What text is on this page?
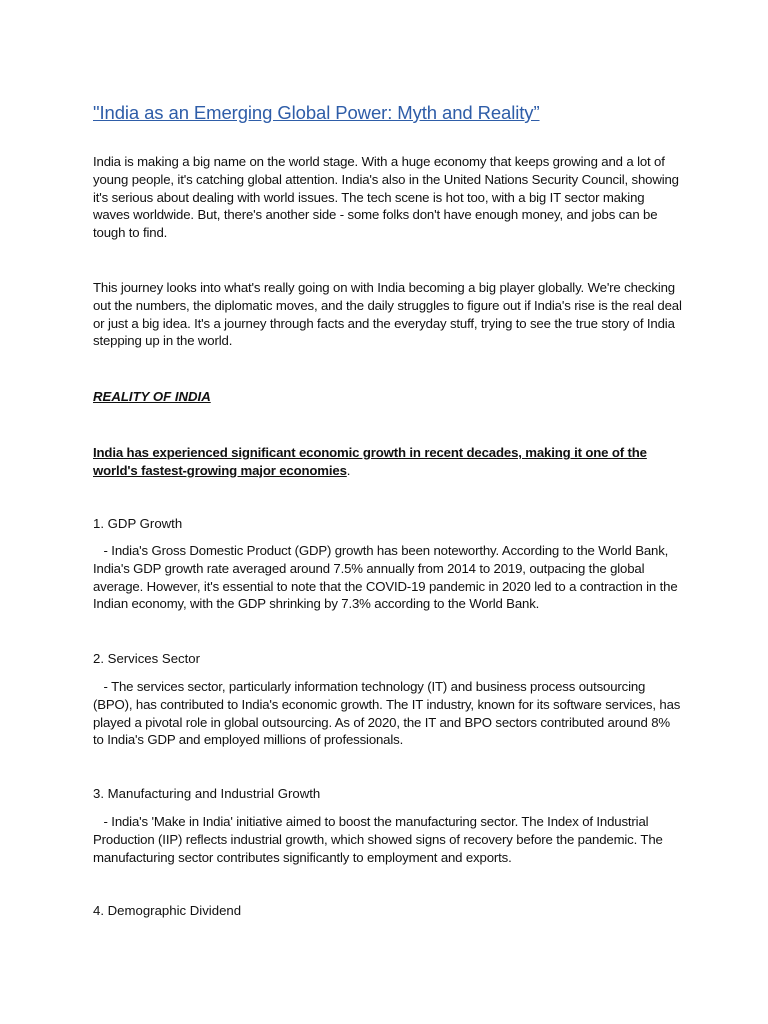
"India as an Emerging Global Power: Myth and Reality”

India is making a big name on the world stage. With a huge economy that keeps growing and a lot of young people, it's catching global attention. India's also in the United Nations Security Council, showing it's serious about dealing with world issues. The tech scene is hot too, with a big IT sector making waves worldwide. But, there's another side - some folks don't have enough money, and jobs can be tough to find.

This journey looks into what's really going on with India becoming a big player globally. We're checking out the numbers, the diplomatic moves, and the daily struggles to figure out if India's rise is the real deal or just a big idea. It's a journey through facts and the everyday stuff, trying to see the true story of India stepping up in the world.

REALITY OF INDIA

India has experienced significant economic growth in recent decades, making it one of the world's fastest-growing major economies.

1. GDP Growth

- India's Gross Domestic Product (GDP) growth has been noteworthy. According to the World Bank, India's GDP growth rate averaged around 7.5% annually from 2014 to 2019, outpacing the global average. However, it's essential to note that the COVID-19 pandemic in 2020 led to a contraction in the Indian economy, with the GDP shrinking by 7.3% according to the World Bank.

2. Services Sector

- The services sector, particularly information technology (IT) and business process outsourcing (BPO), has contributed to India's economic growth. The IT industry, known for its software services, has played a pivotal role in global outsourcing. As of 2020, the IT and BPO sectors contributed around 8% to India's GDP and employed millions of professionals.

3. Manufacturing and Industrial Growth

- India's 'Make in India' initiative aimed to boost the manufacturing sector. The Index of Industrial Production (IIP) reflects industrial growth, which showed signs of recovery before the pandemic. The manufacturing sector contributes significantly to employment and exports.

4. Demographic Dividend
